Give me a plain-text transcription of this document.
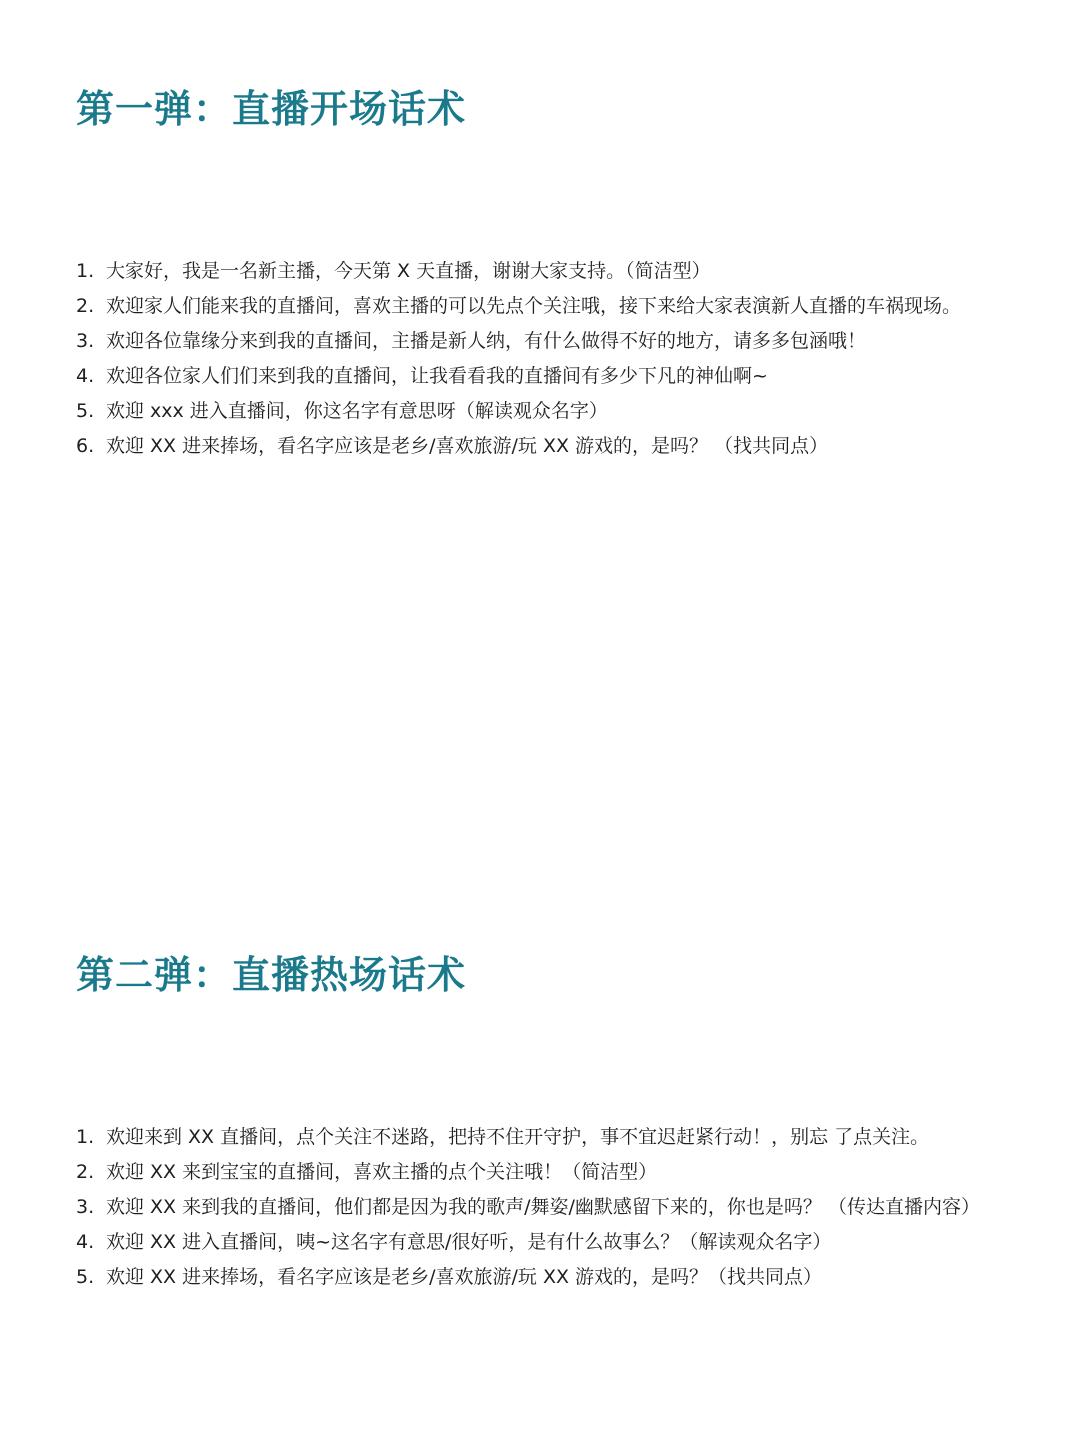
第一弹：直播开场话术
1. 大家好，我是一名新主播，今天第 X 天直播，谢谢大家支持。（简洁型）
2. 欢迎家人们能来我的直播间，喜欢主播的可以先点个关注哦，接下来给大家表演新人直播的车祸现场。
3. 欢迎各位靠缘分来到我的直播间，主播是新人纳，有什么做得不好的地方，请多多包涵哦！
4. 欢迎各位家人们们来到我的直播间，让我看看我的直播间有多少下凡的神仙啊~
5. 欢迎 xxx 进入直播间，你这名字有意思呀（解读观众名字）
6. 欢迎 XX 进来捧场，看名字应该是老乡/喜欢旅游/玩 XX 游戏的，是吗？ （找共同点）
第二弹：直播热场话术
1. 欢迎来到 XX 直播间，点个关注不迷路，把持不住开守护，事不宜迟赶紧行动！，别忘 了点关注。
2. 欢迎 XX 来到宝宝的直播间，喜欢主播的点个关注哦！（简洁型）
3. 欢迎 XX 来到我的直播间，他们都是因为我的歌声/舞姿/幽默感留下来的，你也是吗？ （传达直播内容）
4. 欢迎 XX 进入直播间，咦~这名字有意思/很好听，是有什么故事么？（解读观众名字）
5. 欢迎 XX 进来捧场，看名字应该是老乡/喜欢旅游/玩 XX 游戏的，是吗？（找共同点）
